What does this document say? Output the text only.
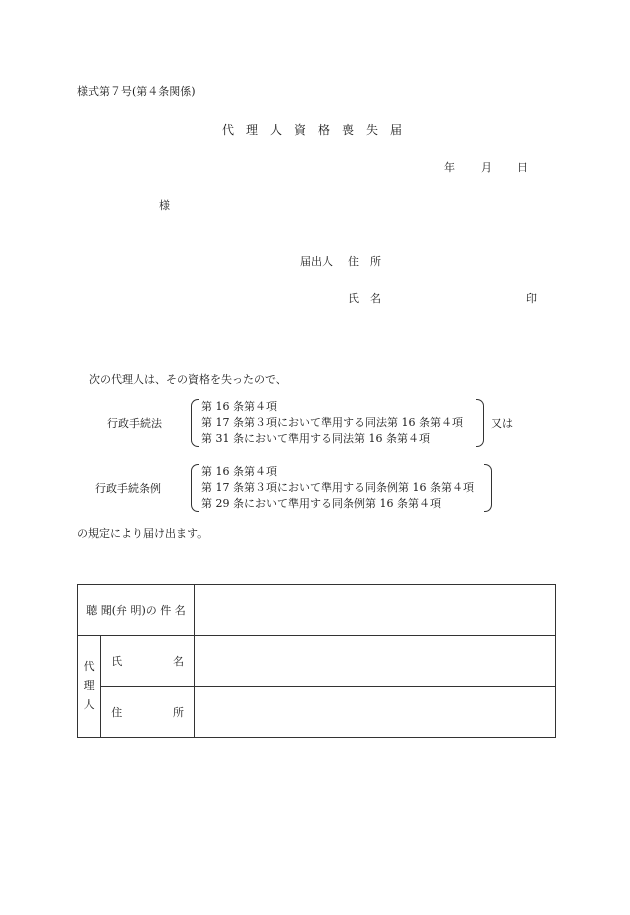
様式第７号(第４条関係)
代　理　人　資　格　喪　失　届
年 月 日
様
届出人 住　所
氏　名	印
次の代理人は、その資格を失ったので、
行政手続法
第 16 条第４項
第 17 条第３項において準用する同法第 16 条第４項
第 31 条において準用する同法第 16 条第４項
又は
行政手続条例
第 16 条第４項
第 17 条第３項において準用する同条例第 16 条第４項
第 29 条において準用する同条例第 16 条第４項
の規定により届け出ます。
聴 聞(弁 明)の 件 名		
代
理
人	氏 名	

	住 所	
